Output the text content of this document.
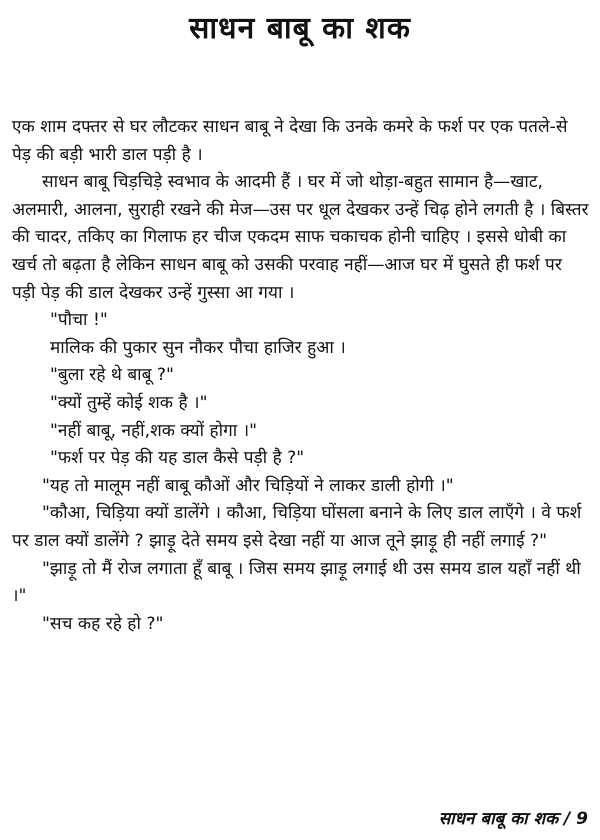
साधन बाबू का शक

एक शाम दफ्तर से घर लौटकर साधन बाबू ने देखा कि उनके कमरे के फर्श पर एक पतले-से पेड़ की बड़ी भारी डाल पड़ी है ।

साधन बाबू चिड़चिड़े स्वभाव के आदमी हैं । घर में जो थोड़ा-बहुत सामान है—खाट, अलमारी, आलना, सुराही रखने की मेज—उस पर धूल देखकर उन्हें चिढ़ होने लगती है । बिस्तर की चादर, तकिए का गिलाफ हर चीज एकदम साफ चकाचक होनी चाहिए । इससे धोबी का खर्च तो बढ़ता है लेकिन साधन बाबू को उसकी परवाह नहीं—आज घर में घुसते ही फर्श पर पड़ी पेड़ की डाल देखकर उन्हें गुस्सा आ गया ।

"पौचा !"

मालिक की पुकार सुन नौकर पौचा हाजिर हुआ ।

"बुला रहे थे बाबू ?"

"क्यों तुम्हें कोई शक है ।"

"नहीं बाबू, नहीं,शक क्यों होगा ।"

"फर्श पर पेड़ की यह डाल कैसे पड़ी है ?"

"यह तो मालूम नहीं बाबू कौओं और चिड़ियों ने लाकर डाली होगी ।"

"कौआ, चिड़िया क्यों डालेंगे । कौआ, चिड़िया घोंसला बनाने के लिए डाल लाएँगे । वे फर्श पर डाल क्यों डालेंगे ? झाड़ू देते समय इसे देखा नहीं या आज तूने झाड़ू ही नहीं लगाई ?"

"झाड़ू तो मैं रोज लगाता हूँ बाबू । जिस समय झाड़ू लगाई थी उस समय डाल यहाँ नहीं थी ।"

"सच कह रहे हो ?"

साधन बाबू का शक / 9
